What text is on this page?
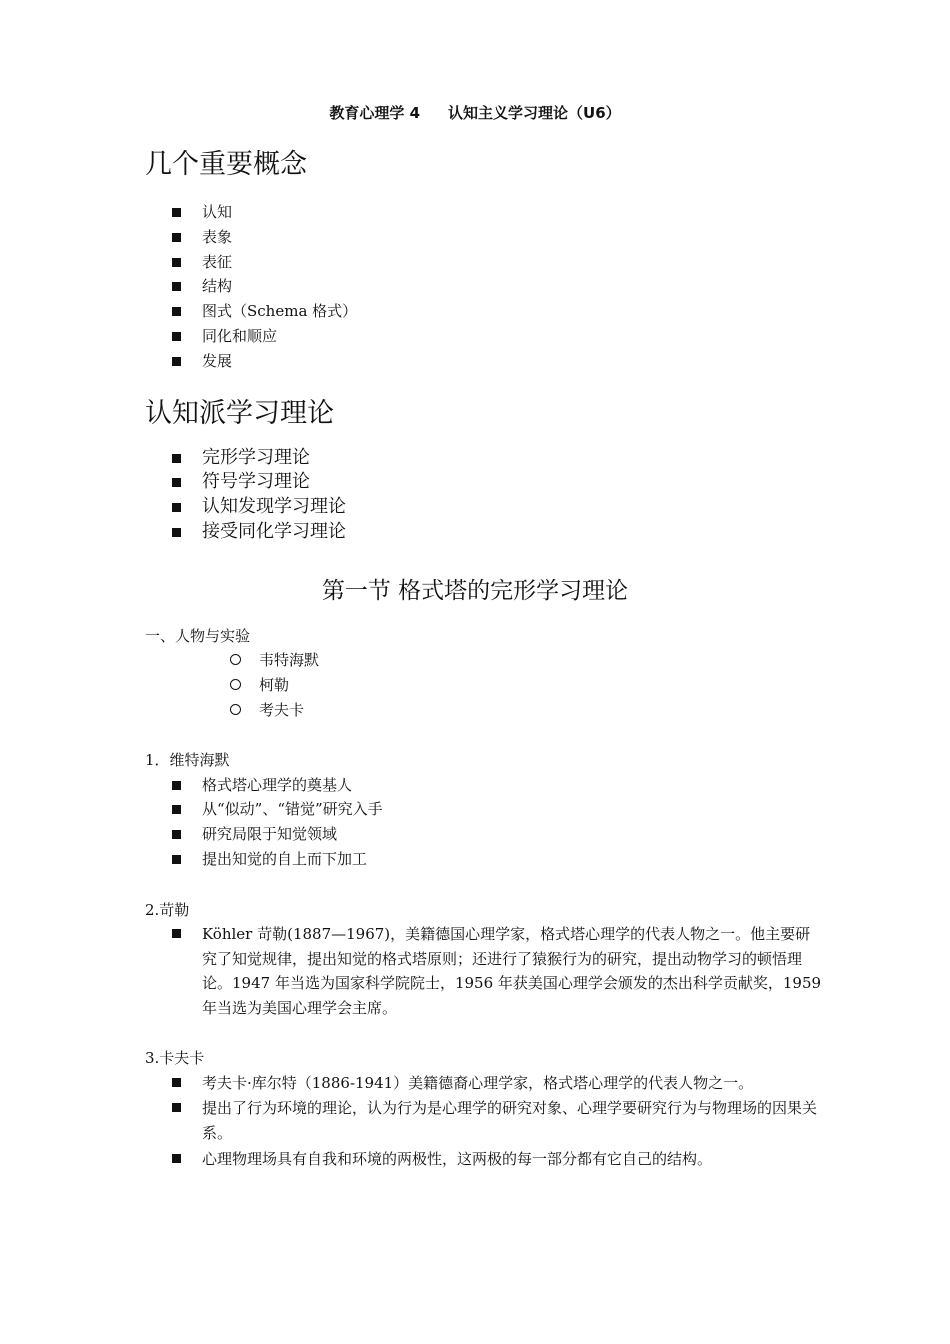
教育心理学 4 认知主义学习理论（U6）
几个重要概念
认知
表象
表征
结构
图式（Schema 格式）
同化和顺应
发展
认知派学习理论
完形学习理论
符号学习理论
认知发现学习理论
接受同化学习理论
第一节 格式塔的完形学习理论
一、人物与实验
韦特海默
柯勒
考夫卡
1．维特海默
格式塔心理学的奠基人
从“似动”、“错觉”研究入手
研究局限于知觉领域
提出知觉的自上而下加工
2.苛勒
Köhler 苛勒(1887—1967)，美籍德国心理学家，格式塔心理学的代表人物之一。他主要研究了知觉规律，提出知觉的格式塔原则；还进行了猿猴行为的研究，提出动物学习的顿悟理论。1947 年当选为国家科学院院士，1956 年获美国心理学会颁发的杰出科学贡献奖，1959 年当选为美国心理学会主席。
3.卡夫卡
考夫卡·库尔特（1886-1941）美籍德裔心理学家，格式塔心理学的代表人物之一。
提出了行为环境的理论，认为行为是心理学的研究对象、心理学要研究行为与物理场的因果关系。
心理物理场具有自我和环境的两极性，这两极的每一部分都有它自己的结构。
